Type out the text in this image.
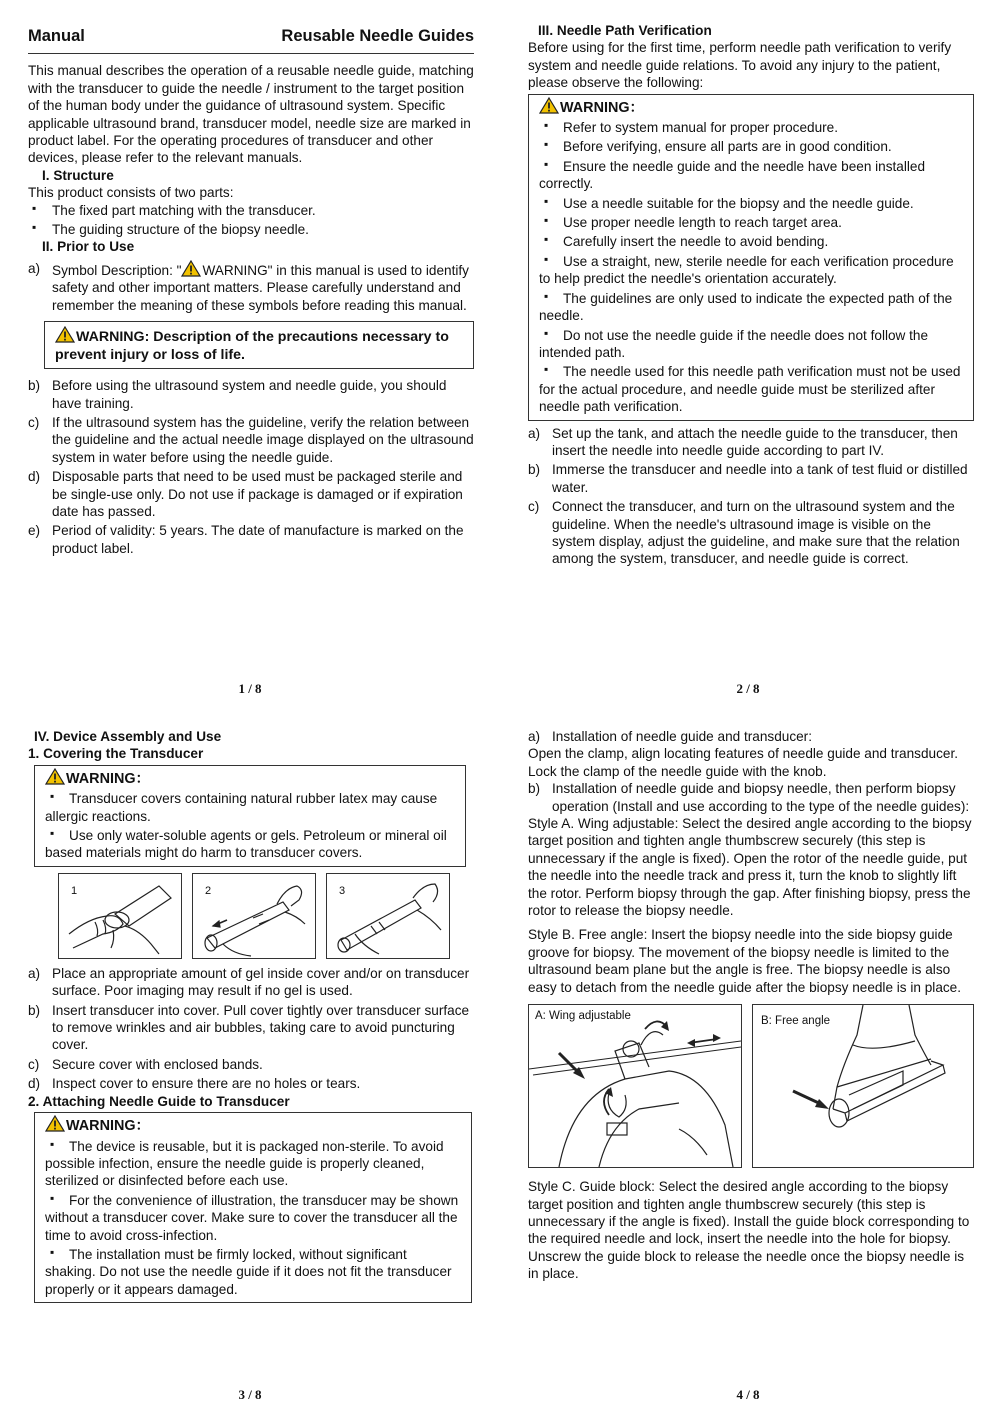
Manual	Reusable Needle Guides

This manual describes the operation of a reusable needle guide, matching with the transducer to guide the needle / instrument to the target position of the human body under the guidance of ultrasound system. Specific applicable ultrasound brand, transducer model, needle size are marked in product label. For the operating procedures of transducer and other devices, please refer to the relevant manuals.

I. Structure

This product consists of two parts:

▪ The fixed part matching with the transducer.
▪ The guiding structure of the biopsy needle.

II. Prior to Use

a) Symbol Description: " WARNING" in this manual is used to identify safety and other important matters. Please carefully understand and remember the meaning of these symbols before reading this manual.
WARNING: Description of the precautions necessary to prevent injury or loss of life.
b) Before using the ultrasound system and needle guide, you should have training.
c) If the ultrasound system has the guideline, verify the relation between the guideline and the actual needle image displayed on the ultrasound system in water before using the needle guide.
d) Disposable parts that need to be used must be packaged sterile and be single-use only. Do not use if package is damaged or if expiration date has passed.
e) Period of validity: 5 years. The date of manufacture is marked on the product label.
1 / 8

III. Needle Path Verification

Before using for the first time, perform needle path verification to verify system and needle guide relations. To avoid any injury to the patient, please observe the following:

WARNING：
▪ Refer to system manual for proper procedure.
▪ Before verifying, ensure all parts are in good condition.
▪ Ensure the needle guide and the needle have been installed correctly.
▪ Use a needle suitable for the biopsy and the needle guide.
▪ Use proper needle length to reach target area.
▪ Carefully insert the needle to avoid bending.
▪ Use a straight, new, sterile needle for each verification procedure to help predict the needle's orientation accurately.
▪ The guidelines are only used to indicate the expected path of the needle.
▪ Do not use the needle guide if the needle does not follow the intended path.
▪ The needle used for this needle path verification must not be used for the actual procedure, and needle guide must be sterilized after needle path verification.
a) Set up the tank, and attach the needle guide to the transducer, then insert the needle into needle guide according to part IV.
b) Immerse the transducer and needle into a tank of test fluid or distilled water.
c) Connect the transducer, and turn on the ultrasound system and the guideline. When the needle's ultrasound image is visible on the system display, adjust the guideline, and make sure that the relation among the system, transducer, and needle guide is correct.
2 / 8

IV. Device Assembly and Use

1. Covering the Transducer

WARNING：
▪ Transducer covers containing natural rubber latex may cause allergic reactions.
▪ Use only water-soluble agents or gels. Petroleum or mineral oil based materials might do harm to transducer covers.
1	2	3
a) Place an appropriate amount of gel inside cover and/or on transducer surface. Poor imaging may result if no gel is used.
b) Insert transducer into cover. Pull cover tightly over transducer surface to remove wrinkles and air bubbles, taking care to avoid puncturing cover.
c) Secure cover with enclosed bands.
d) Inspect cover to ensure there are no holes or tears.

2. Attaching Needle Guide to Transducer

WARNING：
▪ The device is reusable, but it is packaged non-sterile. To avoid possible infection, ensure the needle guide is properly cleaned, sterilized or disinfected before each use.
▪ For the convenience of illustration, the transducer may be shown without a transducer cover. Make sure to cover the transducer all the time to avoid cross-infection.
▪ The installation must be firmly locked, without significant shaking. Do not use the needle guide if it does not fit the transducer properly or it appears damaged.
3 / 8
a) Installation of needle guide and transducer:

Open the clamp, align locating features of needle guide and transducer. Lock the clamp of the needle guide with the knob.

b) Installation of needle guide and biopsy needle, then perform biopsy operation (Install and use according to the type of the needle guides):

Style A. Wing adjustable: Select the desired angle according to the biopsy target position and tighten angle thumbscrew securely (this step is unnecessary if the angle is fixed). Open the rotor of the needle guide, put the needle into the needle track and press it, turn the knob to slightly lift the rotor. Perform biopsy through the gap. After finishing biopsy, press the rotor to release the biopsy needle.

Style B. Free angle: Insert the biopsy needle into the side biopsy guide groove for biopsy. The movement of the biopsy needle is limited to the ultrasound beam plane but the angle is free. The biopsy needle is also easy to detach from the needle guide after the biopsy needle is in place.

A: Wing adjustable	B: Free angle

Style C. Guide block: Select the desired angle according to the biopsy target position and tighten angle thumbscrew securely (this step is unnecessary if the angle is fixed). Install the guide block corresponding to the required needle and lock, insert the needle into the hole for biopsy. Unscrew the guide block to release the needle once the biopsy needle is in place.

4 / 8
